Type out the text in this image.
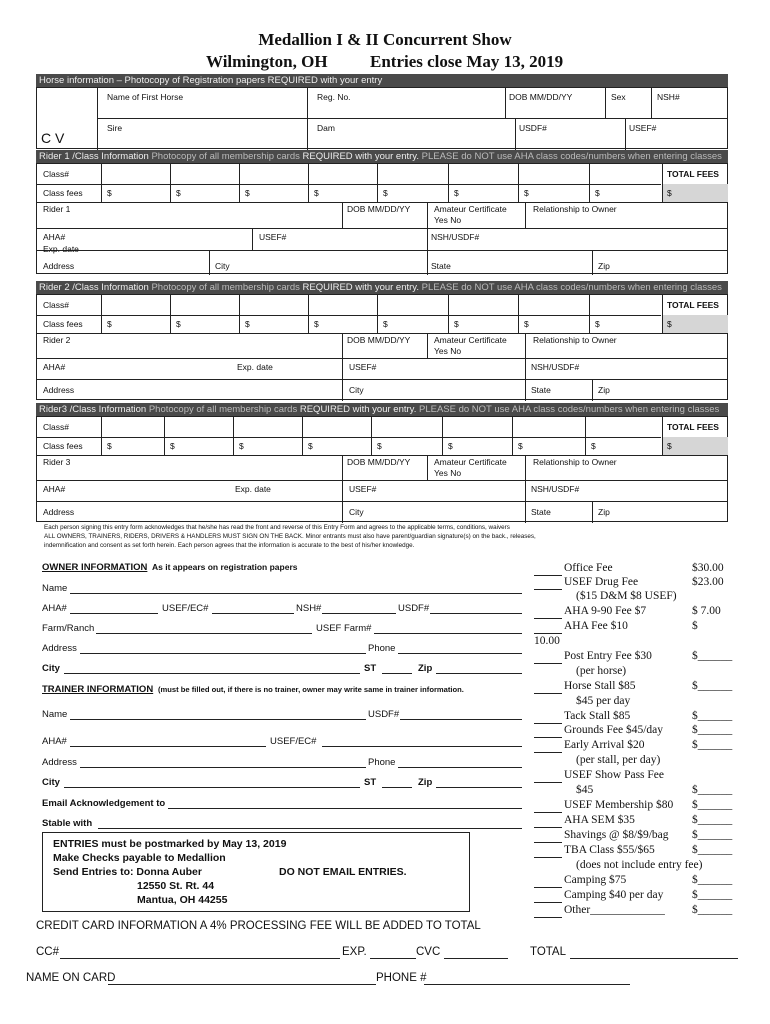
Medallion I & II Concurrent Show
Wilmington, OH Entries close May 13, 2019
Horse information – Photocopy of Registration papers REQUIRED with your entry
Name of First Horse	Reg. No.	DOB MM/DD/YY	Sex	NSH#
Sire	Dam	USDF#	USEF#
C V
Rider 1 /Class Information Photocopy of all membership cards REQUIRED with your entry. PLEASE do NOT use AHA class codes/numbers when entering classes
Class#	TOTAL FEES
Class fees	$	$	$	$	$	$	$	$	$
Rider 1	DOB MM/DD/YY	Amateur Certificate
Yes No
Relationship to Owner
AHA#	USEF#	NSH/USDF#
Exp. date
Address	City	State	Zip
Rider 2 /Class Information Photocopy of all membership cards REQUIRED with your entry. PLEASE do NOT use AHA class codes/numbers when entering classes
Class#	TOTAL FEES
Class fees	$	$	$	$	$	$	$	$	$
Rider 2	DOB MM/DD/YY	Amateur Certificate
Yes No
Relationship to Owner
AHA#	Exp. date	USEF#	NSH/USDF#
Address	City	State	Zip
Rider3 /Class Information Photocopy of all membership cards REQUIRED with your entry. PLEASE do NOT use AHA class codes/numbers when entering classes
Class#	TOTAL FEES
Class fees	$	$	$	$	$	$	$	$	$
Rider 3	DOB MM/DD/YY	Amateur Certificate
Yes No
Relationship to Owner
AHA#	Exp. date	USEF#	NSH/USDF#
Address	City	State	Zip
Each person signing this entry form acknowledges that he/she has read the front and reverse of this Entry Form and agrees to the applicable terms, conditions, waivers
ALL OWNERS, TRAINERS, RIDERS, DRIVERS & HANDLERS MUST SIGN ON THE BACK. Minor entrants must also have parent/guardian signature(s) on the back., releases,
indemnification and consent as set forth herein. Each person agrees that the information is accurate to the best of his/her knowledge.
OWNER INFORMATION As it appears on registration papers
Name
AHA#	USEF/EC#	NSH#	USDF#
Farm/Ranch	USEF Farm#
Address	Phone
City	ST	Zip
TRAINER INFORMATION (must be filled out, if there is no trainer, owner may write same in trainer information.
Name	USDF#
AHA#	USEF/EC#
Address	Phone
City	ST	Zip
Email Acknowledgement to
Stable with
ENTRIES must be postmarked by May 13, 2019
Make Checks payable to Medallion
Send Entries to: Donna Auber
12550 St. Rt. 44
Mantua, OH 44255
DO NOT EMAIL ENTRIES.
Office Fee	$30.00
USEF Drug Fee	$23.00
($15 D&M $8 USEF)
AHA 9-90 Fee $7	$ 7.00
AHA Fee $10	$
10.00
Post Entry Fee $30	$______
(per horse)
Horse Stall $85	$______
$45 per day
Tack Stall $85	$______
Grounds Fee $45/day	$______
Early Arrival $20	$______
(per stall, per day)
USEF Show Pass Fee
$45	$______
USEF Membership $80 $______
AHA SEM $35	$______
Shavings @ $8/$9/bag $______
TBA Class $55/$65	$______
(does not include entry fee)
Camping $75	$______
Camping $40 per day $______
Other_____________ $______
CREDIT CARD INFORMATION A 4% PROCESSING FEE WILL BE ADDED TO TOTAL
CC#	EXP.	CVC	TOTAL
NAME ON CARD	PHONE #
